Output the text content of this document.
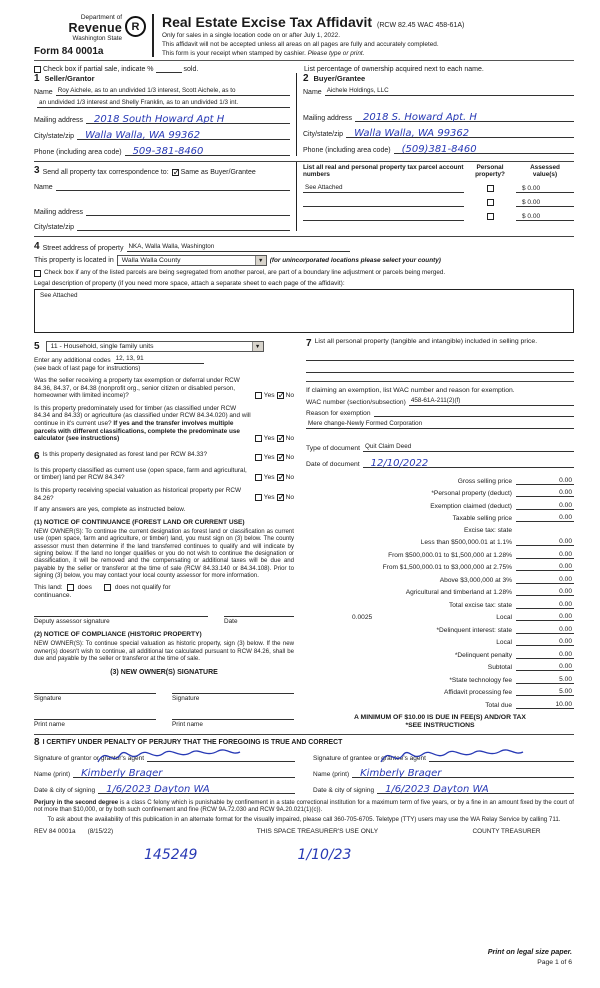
Department of
Revenue
Washington State
R
Form 84 0001a
Real Estate Excise Tax Affidavit (RCW 82.45 WAC 458-61A)
Only for sales in a single location code on or after July 1, 2022.
This affidavit will not be accepted unless all areas on all pages are fully and accurately completed.
This form is your receipt when stamped by cashier. Please type or print.
Check box if partial sale, indicate %	sold.	List percentage of ownership acquired next to each name.
1 Seller/Grantor
Name Roy Aichele, as to an undivided 1/3 interest, Scott Aichele, as to
an undivided 1/3 interest and Shelly Franklin, as to an undivided 1/3 int.
Mailing address	2018 South Howard Apt H
City/state/zip	Walla Walla, WA 99362
Phone (including area code)	509-381-8460
2 Buyer/Grantee
Name Aichele Holdings, LLC
Mailing address	2018 S. Howard Apt. H
City/state/zip	Walla Walla, WA 99362
Phone (including area code)	(509)381-8460
3 Send all property tax correspondence to: ✓ Same as Buyer/Grantee
Name
Mailing address
City/state/zip
List all real and personal property tax parcel account numbers
Personal
property?
Assessed
value(s)
See Attached	$ 0.00
$ 0.00
$ 0.00
4 Street address of property NKA, Walla Walla, Washington
This property is located in	Walla Walla County	▼ (for unincorporated locations please select your county)
Check box if any of the listed parcels are being segregated from another parcel, are part of a boundary line adjustment or parcels being merged.
Legal description of property (if you need more space, attach a separate sheet to each page of the affidavit):
See Attached
5	11 - Household, single family units	▼
Enter any additional codes 12, 13, 91
(see back of last page for instructions)
Was the seller receiving a property tax exemption or deferral under RCW 84.36, 84.37, or 84.38 (nonprofit org., senior citizen or disabled person, homeowner with limited income)?	Yes ✓ No
Is this property predominately used for timber (as classified under RCW 84.34 and 84.33) or agriculture (as classified under RCW 84.34.020) and will continue in it's current use? If yes and the transfer involves multiple parcels with different classifications, complete the predominate use calculator (see instructions)	Yes ✓ No
6 Is this property designated as forest land per RCW 84.33?	Yes ✓ No
Is this property classified as current use (open space, farm and agricultural, or timber) land per RCW 84.34?	Yes ✓ No
Is this property receiving special valuation as historical property per RCW 84.26?	Yes ✓ No
If any answers are yes, complete as instructed below.
(1) NOTICE OF CONTINUANCE (FOREST LAND OR CURRENT USE)
NEW OWNER(S): To continue the current designation as forest land or classification as current use (open space, farm and agriculture, or timber) land, you must sign on (3) below. The county assessor must then determine if the land transferred continues to qualify and will indicate by signing below. If the land no longer qualifies or you do not wish to continue the designation or classification, it will be removed and the compensating or additional taxes will be due and payable by the seller or transferor at the time of sale (RCW 84.33.140 or 84.34.108). Prior to signing (3) below, you may contact your local county assessor for more information.
This land: does	does not qualify for
continuance.
Deputy assessor signature	Date
(2) NOTICE OF COMPLIANCE (HISTORIC PROPERTY)
NEW OWNER(S): To continue special valuation as historic property, sign (3) below. If the new owner(s) doesn't wish to continue, all additional tax calculated pursuant to RCW 84.26, shall be due and payable by the seller or transferor at the time of sale.
(3) NEW OWNER(S) SIGNATURE
Signature	Signature
Print name	Print name
7 List all personal property (tangible and intangible) included in selling price.
If claiming an exemption, list WAC number and reason for exemption.
WAC number (section/subsection) 458-61A-211(2)(f)
Reason for exemption
Mere change-Newly Formed Corporation
Type of document Quit Claim Deed
Date of document	12/10/2022
Gross selling price	0.00
*Personal property (deduct)	0.00
Exemption claimed (deduct)	0.00
Taxable selling price	0.00
Excise tax: state
Less than $500,000.01 at 1.1%	0.00
From $500,000.01 to $1,500,000 at 1.28%	0.00
From $1,500,000.01 to $3,000,000 at 2.75%	0.00
Above $3,000,000 at 3%	0.00
Agricultural and timberland at 1.28%	0.00
Total excise tax: state	0.00
0.0025	Local	0.00
*Delinquent interest: state	0.00
Local	0.00
*Delinquent penalty	0.00
Subtotal	0.00
*State technology fee	5.00
Affidavit processing fee	5.00
Total due	10.00
A MINIMUM OF $10.00 IS DUE IN FEE(S) AND/OR TAX
*SEE INSTRUCTIONS
8 I CERTIFY UNDER PENALTY OF PERJURY THAT THE FOREGOING IS TRUE AND CORRECT
Signature of grantor or grantor's agent
Name (print)	Kimberly Brager
Date & city of signing	1/6/2023 Dayton WA
Signature of grantee or grantee's agent
Name (print)	Kimberly Brager
Date & city of signing	1/6/2023 Dayton WA
Perjury in the second degree is a class C felony which is punishable by confinement in a state correctional institution for a maximum term of five years, or by a fine in an amount fixed by the court of not more than $10,000, or by both such confinement and fine (RCW 9A.72.030 and RCW 9A.20.021(1)(c)).
To ask about the availability of this publication in an alternate format for the visually impaired, please call 360-705-6705. Teletype (TTY) users may use the WA Relay Service by calling 711.
REV 84 0001a (8/15/22)	THIS SPACE TREASURER'S USE ONLY	COUNTY TREASURER
145249	1/10/23
Print on legal size paper.
Page 1 of 6
